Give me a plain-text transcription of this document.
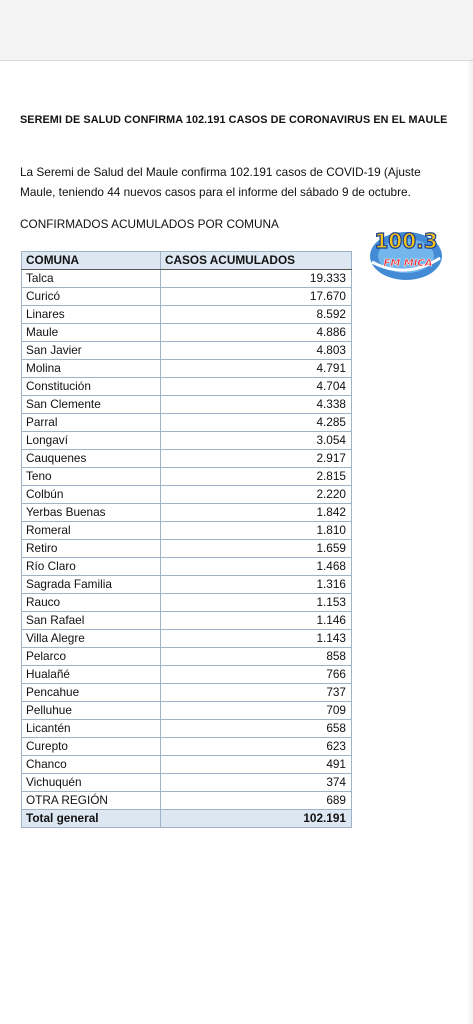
SEREMI DE SALUD CONFIRMA 102.191 CASOS DE CORONAVIRUS EN EL MAULE
La Seremi de Salud del Maule confirma 102.191 casos de COVID-19 (Ajuste
Maule, teniendo 44 nuevos casos para el informe del sábado 9 de octubre.
CONFIRMADOS ACUMULADOS POR COMUNA
100.3
FM MICA
COMUNA	CASOS ACUMULADOS
Talca	19.333
Curicó	17.670
Linares	8.592
Maule	4.886
San Javier	4.803
Molina	4.791
Constitución	4.704
San Clemente	4.338
Parral	4.285
Longaví	3.054
Cauquenes	2.917
Teno	2.815
Colbún	2.220
Yerbas Buenas	1.842
Romeral	1.810
Retiro	1.659
Río Claro	1.468
Sagrada Familia	1.316
Rauco	1.153
San Rafael	1.146
Villa Alegre	1.143
Pelarco	858
Hualañé	766
Pencahue	737
Pelluhue	709
Licantén	658
Curepto	623
Chanco	491
Vichuquén	374
OTRA REGIÓN	689
Total general	102.191
